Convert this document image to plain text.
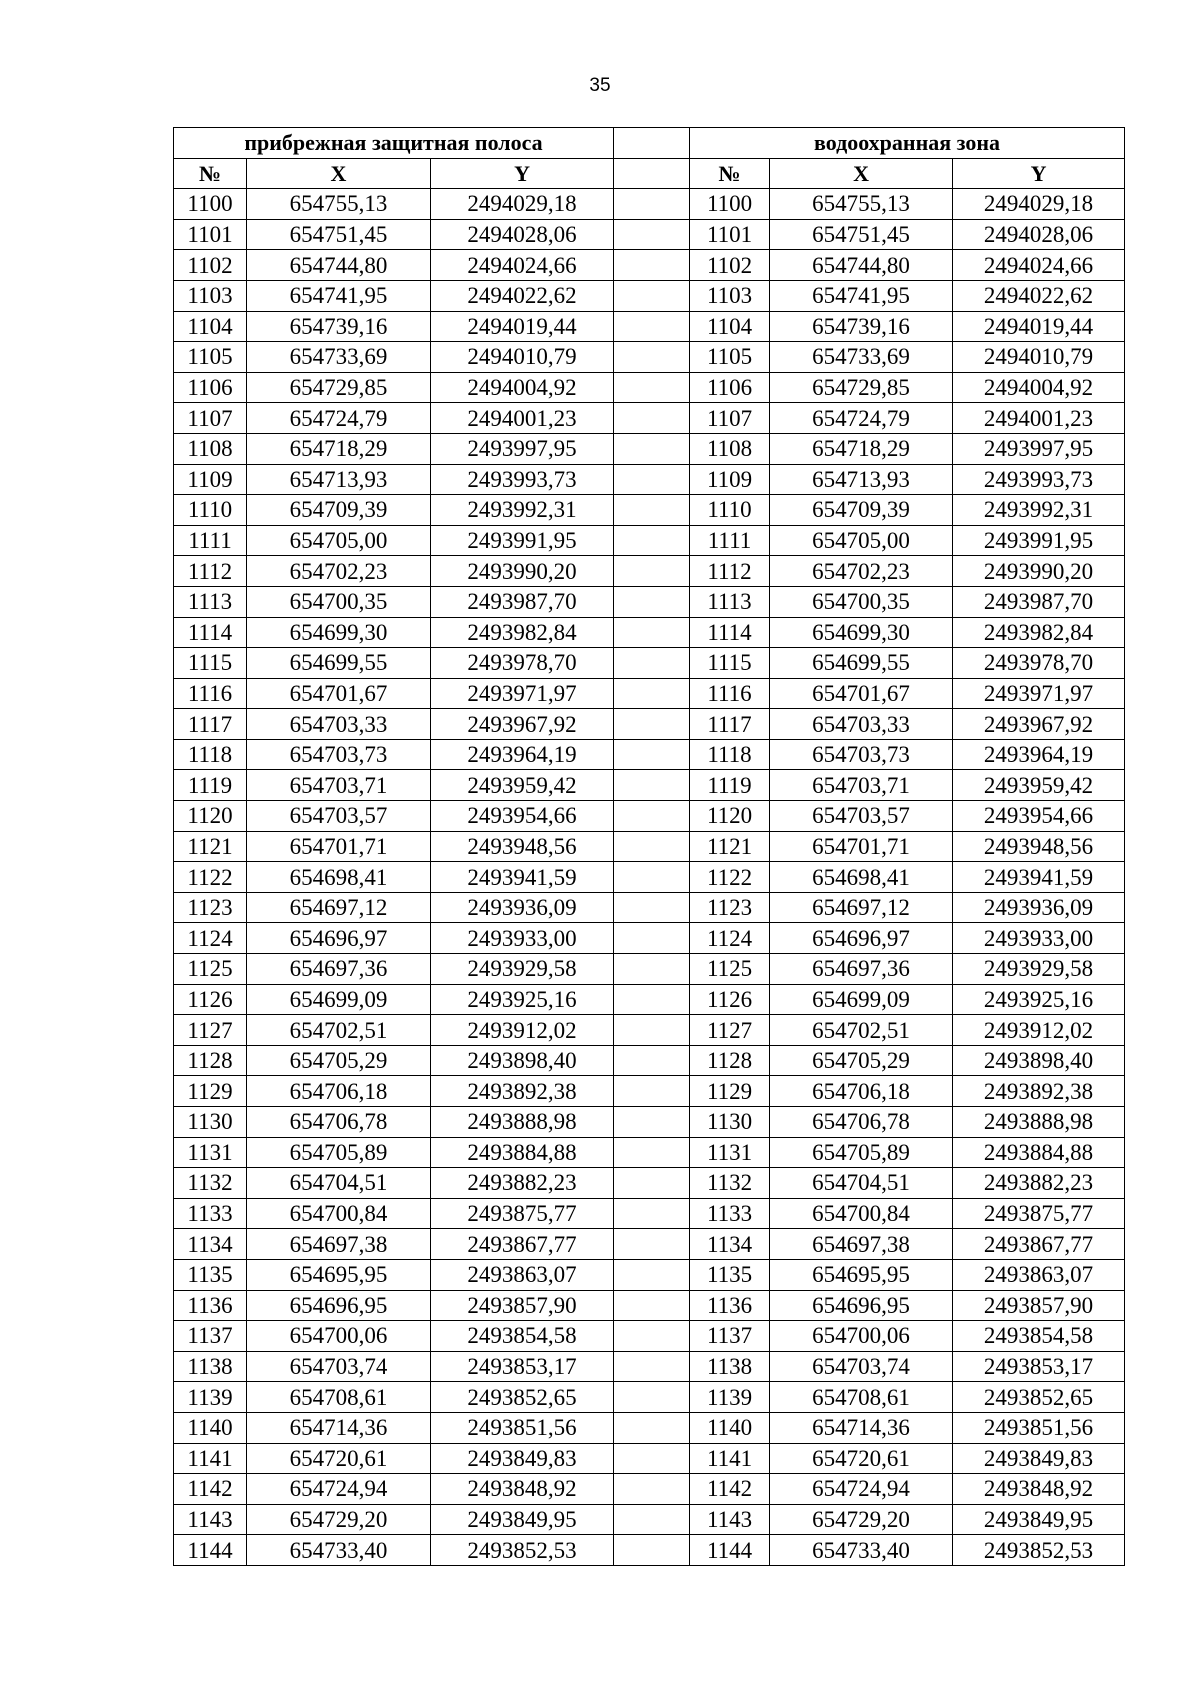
35
прибрежная защитная полоса				водоохранная зона		
№	X	Y		№	X	Y
1100	654755,13	2494029,18		1100	654755,13	2494029,18
1101	654751,45	2494028,06		1101	654751,45	2494028,06
1102	654744,80	2494024,66		1102	654744,80	2494024,66
1103	654741,95	2494022,62		1103	654741,95	2494022,62
1104	654739,16	2494019,44		1104	654739,16	2494019,44
1105	654733,69	2494010,79		1105	654733,69	2494010,79
1106	654729,85	2494004,92		1106	654729,85	2494004,92
1107	654724,79	2494001,23		1107	654724,79	2494001,23
1108	654718,29	2493997,95		1108	654718,29	2493997,95
1109	654713,93	2493993,73		1109	654713,93	2493993,73
1110	654709,39	2493992,31		1110	654709,39	2493992,31
1111	654705,00	2493991,95		1111	654705,00	2493991,95
1112	654702,23	2493990,20		1112	654702,23	2493990,20
1113	654700,35	2493987,70		1113	654700,35	2493987,70
1114	654699,30	2493982,84		1114	654699,30	2493982,84
1115	654699,55	2493978,70		1115	654699,55	2493978,70
1116	654701,67	2493971,97		1116	654701,67	2493971,97
1117	654703,33	2493967,92		1117	654703,33	2493967,92
1118	654703,73	2493964,19		1118	654703,73	2493964,19
1119	654703,71	2493959,42		1119	654703,71	2493959,42
1120	654703,57	2493954,66		1120	654703,57	2493954,66
1121	654701,71	2493948,56		1121	654701,71	2493948,56
1122	654698,41	2493941,59		1122	654698,41	2493941,59
1123	654697,12	2493936,09		1123	654697,12	2493936,09
1124	654696,97	2493933,00		1124	654696,97	2493933,00
1125	654697,36	2493929,58		1125	654697,36	2493929,58
1126	654699,09	2493925,16		1126	654699,09	2493925,16
1127	654702,51	2493912,02		1127	654702,51	2493912,02
1128	654705,29	2493898,40		1128	654705,29	2493898,40
1129	654706,18	2493892,38		1129	654706,18	2493892,38
1130	654706,78	2493888,98		1130	654706,78	2493888,98
1131	654705,89	2493884,88		1131	654705,89	2493884,88
1132	654704,51	2493882,23		1132	654704,51	2493882,23
1133	654700,84	2493875,77		1133	654700,84	2493875,77
1134	654697,38	2493867,77		1134	654697,38	2493867,77
1135	654695,95	2493863,07		1135	654695,95	2493863,07
1136	654696,95	2493857,90		1136	654696,95	2493857,90
1137	654700,06	2493854,58		1137	654700,06	2493854,58
1138	654703,74	2493853,17		1138	654703,74	2493853,17
1139	654708,61	2493852,65		1139	654708,61	2493852,65
1140	654714,36	2493851,56		1140	654714,36	2493851,56
1141	654720,61	2493849,83		1141	654720,61	2493849,83
1142	654724,94	2493848,92		1142	654724,94	2493848,92
1143	654729,20	2493849,95		1143	654729,20	2493849,95
1144	654733,40	2493852,53		1144	654733,40	2493852,53
